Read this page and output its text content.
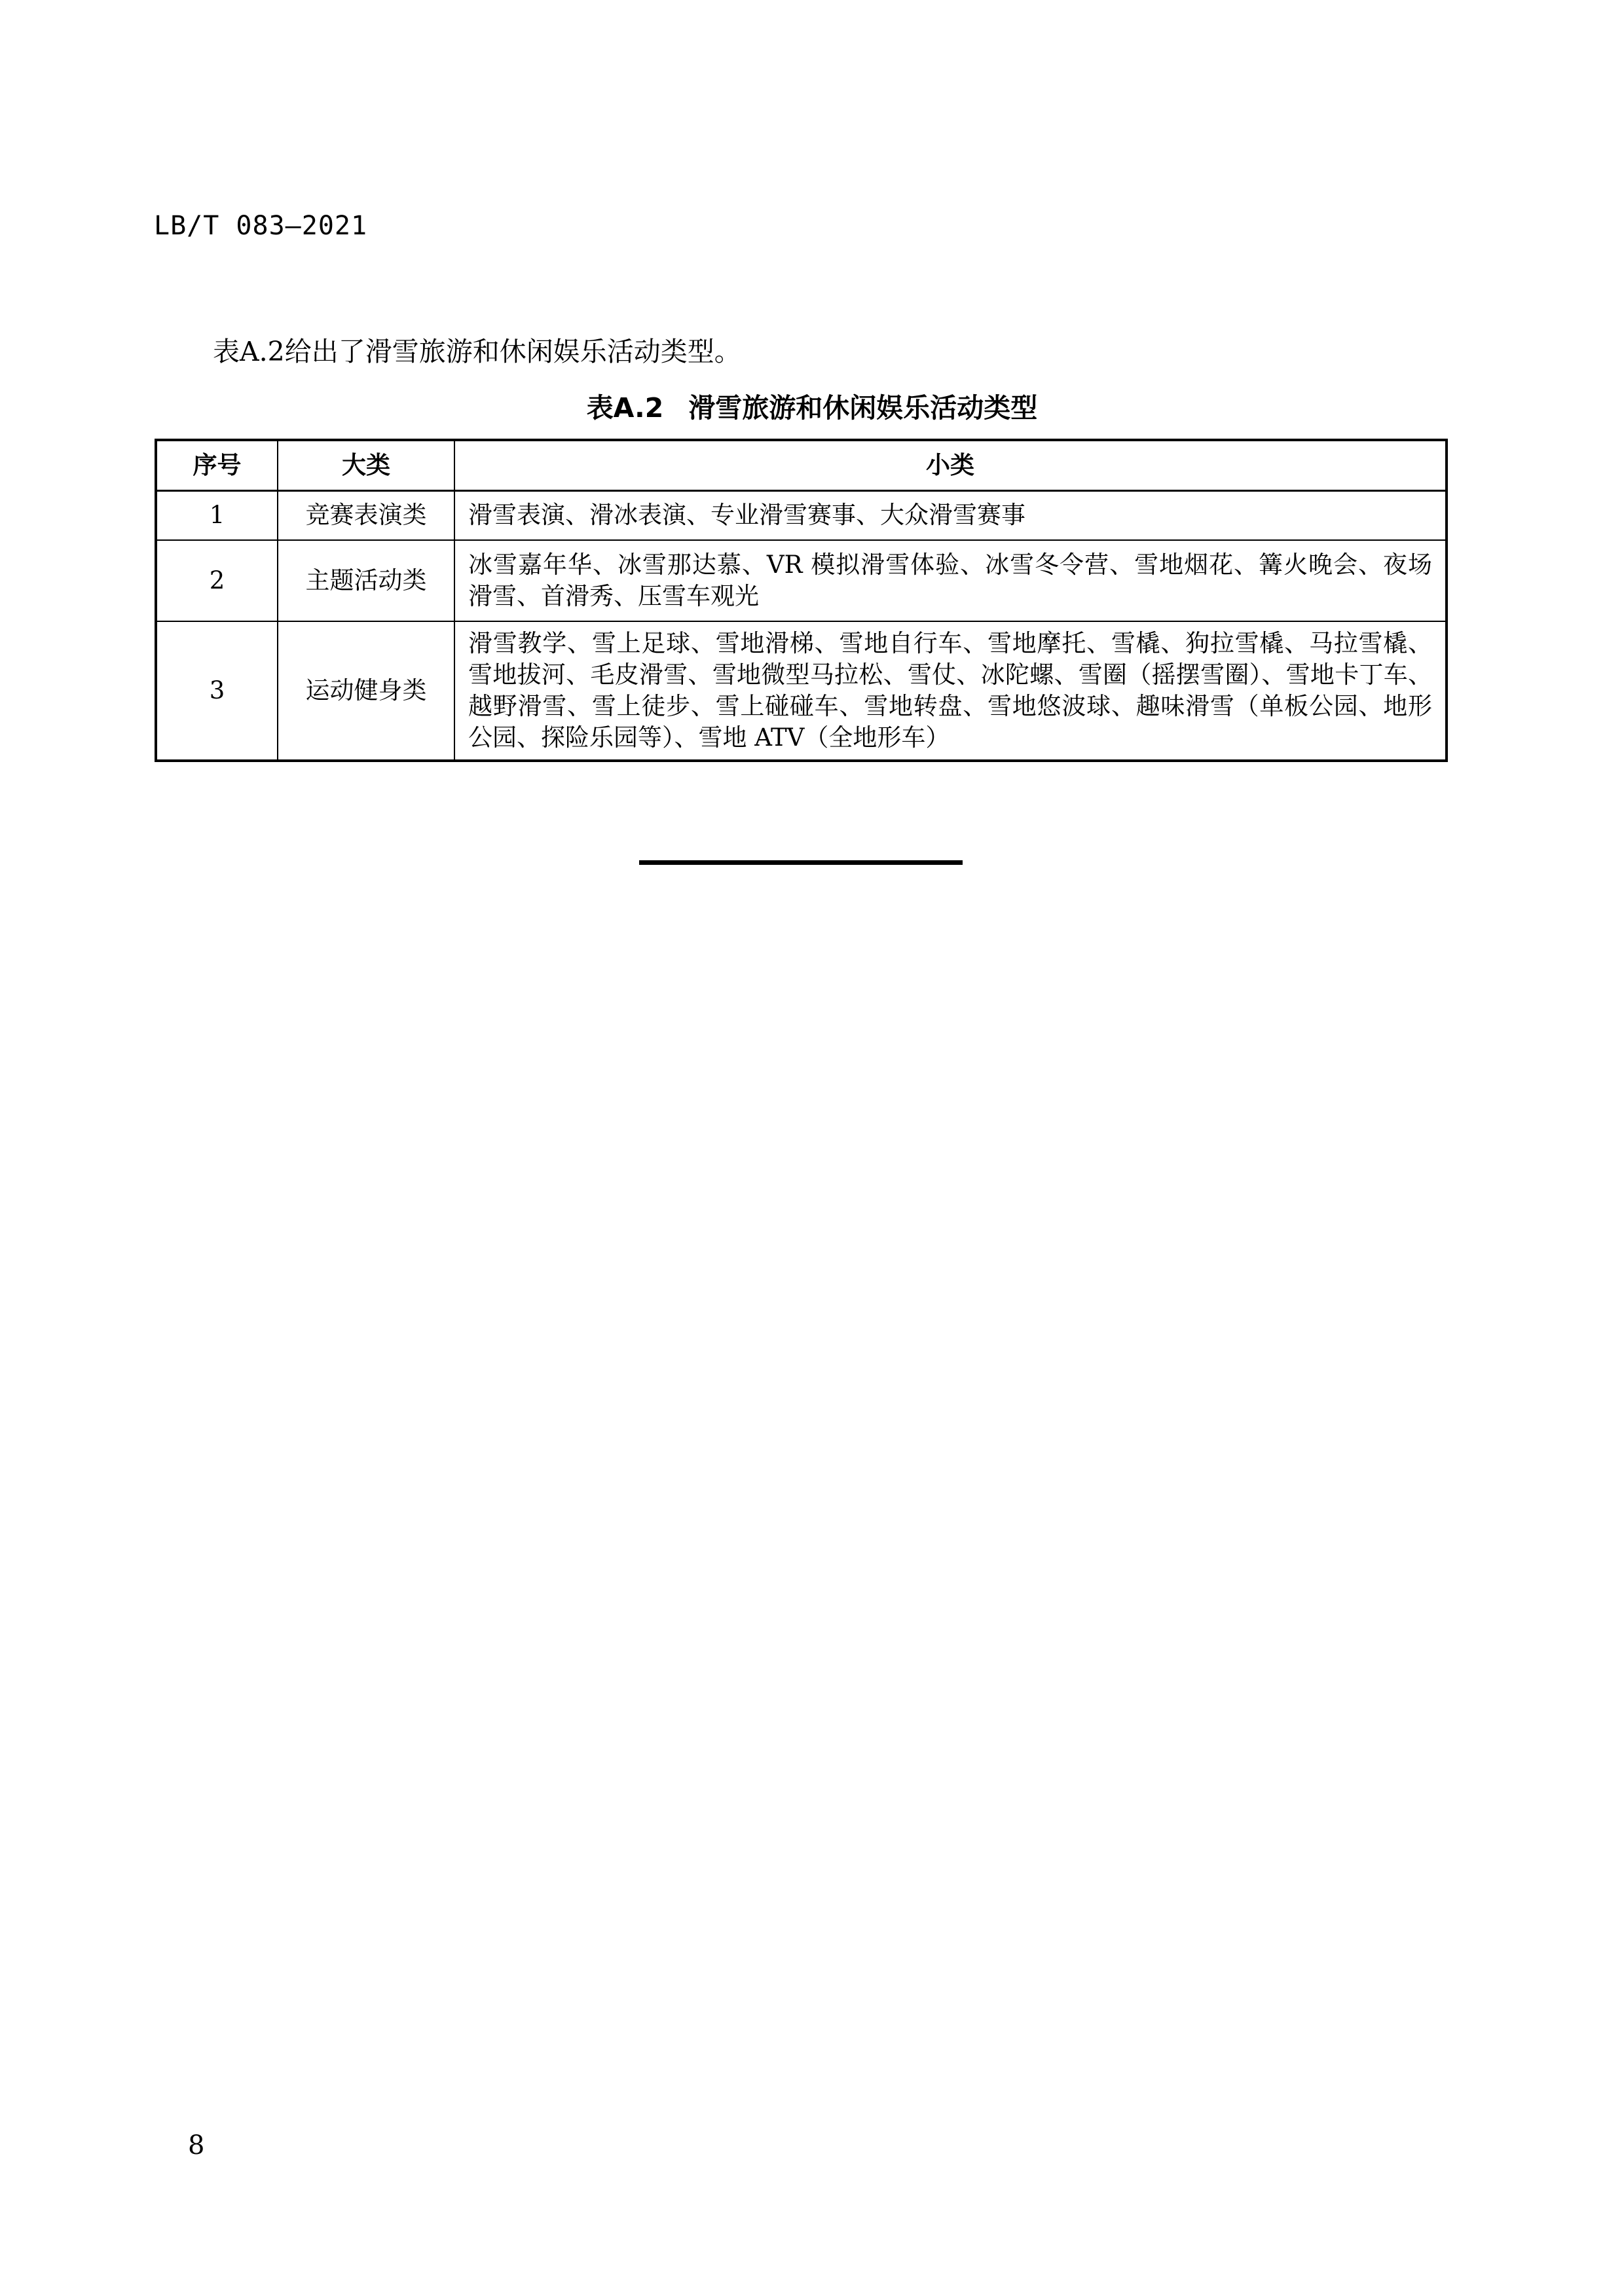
LB/T 083—2021
表A.2给出了滑雪旅游和休闲娱乐活动类型。
表A.2 滑雪旅游和休闲娱乐活动类型
序号	大类	小类
1	竞赛表演类	滑雪表演、滑冰表演、专业滑雪赛事、大众滑雪赛事
2	主题活动类	冰雪嘉年华、冰雪那达慕、VR 模拟滑雪体验、冰雪冬令营、雪地烟花、篝火晚会、夜场滑雪、首滑秀、压雪车观光
3	运动健身类	滑雪教学、雪上足球、雪地滑梯、雪地自行车、雪地摩托、雪橇、狗拉雪橇、马拉雪橇、雪地拔河、毛皮滑雪、雪地微型马拉松、雪仗、冰陀螺、雪圈（摇摆雪圈）、雪地卡丁车、越野滑雪、雪上徒步、雪上碰碰车、雪地转盘、雪地悠波球、趣味滑雪（单板公园、地形公园、探险乐园等）、雪地 ATV（全地形车）
8
